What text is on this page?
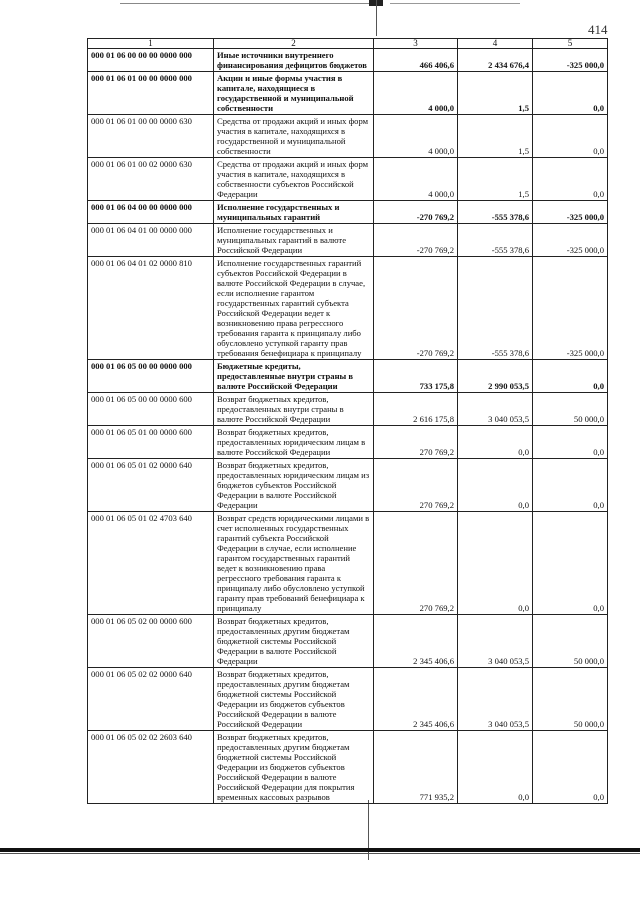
414
1	2	3	4	5
000 01 06 00 00 00 0000 000	Иные источники внутреннего финансирования дефицитов бюджетов	466 406,6	2 434 676,4	-325 000,0
000 01 06 01 00 00 0000 000	Акции и иные формы участия в капитале, находящиеся в государственной и муниципальной собственности	4 000,0	1,5	0,0
000 01 06 01 00 00 0000 630	Средства от продажи акций и иных форм участия в капитале, находящихся в государственной и муниципальной собственности	4 000,0	1,5	0,0
000 01 06 01 00 02 0000 630	Средства от продажи акций и иных форм участия в капитале, находящихся в собственности субъектов Российской Федерации	4 000,0	1,5	0,0
000 01 06 04 00 00 0000 000	Исполнение государственных и муниципальных гарантий	-270 769,2	-555 378,6	-325 000,0
000 01 06 04 01 00 0000 000	Исполнение государственных и муниципальных гарантий в валюте Российской Федерации	-270 769,2	-555 378,6	-325 000,0
000 01 06 04 01 02 0000 810	Исполнение государственных гарантий субъектов Российской Федерации в валюте Российской Федерации в случае, если исполнение гарантом государственных гарантий субъекта Российской Федерации ведет к возникновению права регрессного требования гаранта к принципалу либо обусловлено уступкой гаранту прав требования бенефициара к принципалу	-270 769,2	-555 378,6	-325 000,0
000 01 06 05 00 00 0000 000	Бюджетные кредиты, предоставленные внутри страны в валюте Российской Федерации	733 175,8	2 990 053,5	0,0
000 01 06 05 00 00 0000 600	Возврат бюджетных кредитов, предоставленных внутри страны в валюте Российской Федерации	2 616 175,8	3 040 053,5	50 000,0
000 01 06 05 01 00 0000 600	Возврат бюджетных кредитов, предоставленных юридическим лицам в валюте Российской Федерации	270 769,2	0,0	0,0
000 01 06 05 01 02 0000 640	Возврат бюджетных кредитов, предоставленных юридическим лицам из бюджетов субъектов Российской Федерации в валюте Российской Федерации	270 769,2	0,0	0,0
000 01 06 05 01 02 4703 640	Возврат средств юридическими лицами в счет исполненных государственных гарантий субъекта Российской Федерации в случае, если исполнение гарантом государственных гарантий ведет к возникновению права регрессного требования гаранта к принципалу либо обусловлено уступкой гаранту прав требований бенефициара к принципалу	270 769,2	0,0	0,0
000 01 06 05 02 00 0000 600	Возврат бюджетных кредитов, предоставленных другим бюджетам бюджетной системы Российской Федерации в валюте Российской Федерации	2 345 406,6	3 040 053,5	50 000,0
000 01 06 05 02 02 0000 640	Возврат бюджетных кредитов, предоставленных другим бюджетам бюджетной системы Российской Федерации из бюджетов субъектов Российской Федерации в валюте Российской Федерации	2 345 406,6	3 040 053,5	50 000,0
000 01 06 05 02 02 2603 640	Возврат бюджетных кредитов, предоставленных другим бюджетам бюджетной системы Российской Федерации из бюджетов субъектов Российской Федерации в валюте Российской Федерации для покрытия временных кассовых разрывов	771 935,2	0,0	0,0
